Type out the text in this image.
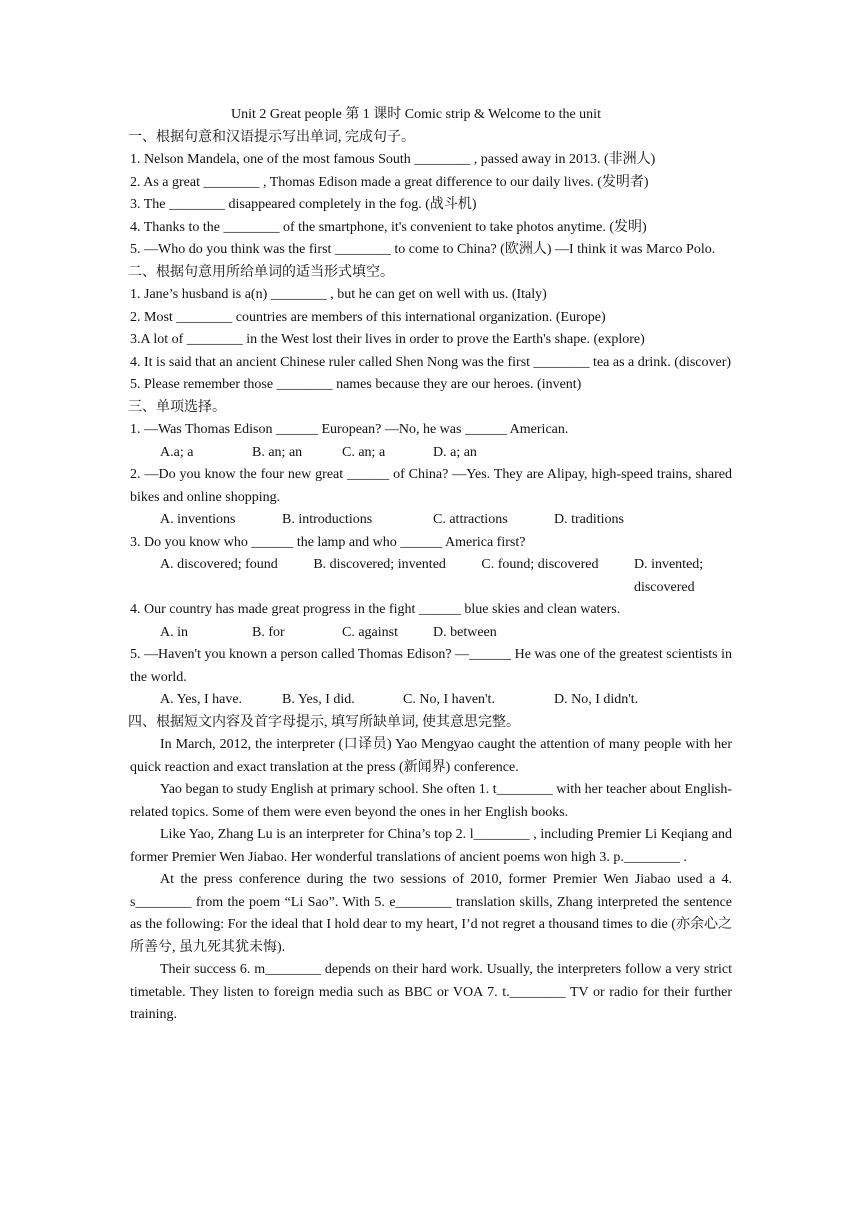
Unit 2 Great people 第 1 课时 Comic strip & Welcome to the unit

一、根据句意和汉语提示写出单词, 完成句子。

1. Nelson Mandela, one of the most famous South ________ , passed away in 2013. (非洲人)

2. As a great ________ , Thomas Edison made a great difference to our daily lives. (发明者)

3. The ________ disappeared completely in the fog. (战斗机)

4. Thanks to the ________ of the smartphone, it's convenient to take photos anytime. (发明)

5. —Who do you think was the first ________ to come to China? (欧洲人) —I think it was Marco Polo.

二、根据句意用所给单词的适当形式填空。

1. Jane’s husband is a(n) ________ , but he can get on well with us. (Italy)

2. Most ________ countries are members of this international organization. (Europe)

3.A lot of ________ in the West lost their lives in order to prove the Earth's shape. (explore)

4. It is said that an ancient Chinese ruler called Shen Nong was the first ________ tea as a drink. (discover)

5. Please remember those ________ names because they are our heroes. (invent)

三、单项选择。

1. —Was Thomas Edison ______ European? —No, he was ______ American.

A.a; a	B. an; an	C. an; a	D. a; an

2. —Do you know the four new great ______ of China? —Yes. They are Alipay, high-speed trains, shared bikes and online shopping.

A. inventions	B. introductions	C. attractions	D. traditions

3. Do you know who ______ the lamp and who ______ America first?

A. discovered; found	B. discovered; invented	C. found; discovered	D. invented; discovered

4. Our country has made great progress in the fight ______ blue skies and clean waters.

A. in	B. for	C. against	D. between

5. —Haven't you known a person called Thomas Edison? —______ He was one of the greatest scientists in the world.

A. Yes, I have.	B. Yes, I did.	C. No, I haven't.	D. No, I didn't.

四、根据短文内容及首字母提示, 填写所缺单词, 使其意思完整。

In March, 2012, the interpreter (口译员) Yao Mengyao caught the attention of many people with her quick reaction and exact translation at the press (新闻界) conference.

Yao began to study English at primary school. She often 1. t________ with her teacher about English-related topics. Some of them were even beyond the ones in her English books.

Like Yao, Zhang Lu is an interpreter for China’s top 2. l________ , including Premier Li Keqiang and former Premier Wen Jiabao. Her wonderful translations of ancient poems won high 3. p.________ .

At the press conference during the two sessions of 2010, former Premier Wen Jiabao used a 4. s________ from the poem “Li Sao”. With 5. e________ translation skills, Zhang interpreted the sentence as the following: For the ideal that I hold dear to my heart, I’d not regret a thousand times to die (亦余心之所善兮, 虽九死其犹未悔).

Their success 6. m________ depends on their hard work. Usually, the interpreters follow a very strict timetable. They listen to foreign media such as BBC or VOA 7. t.________ TV or radio for their further training.
